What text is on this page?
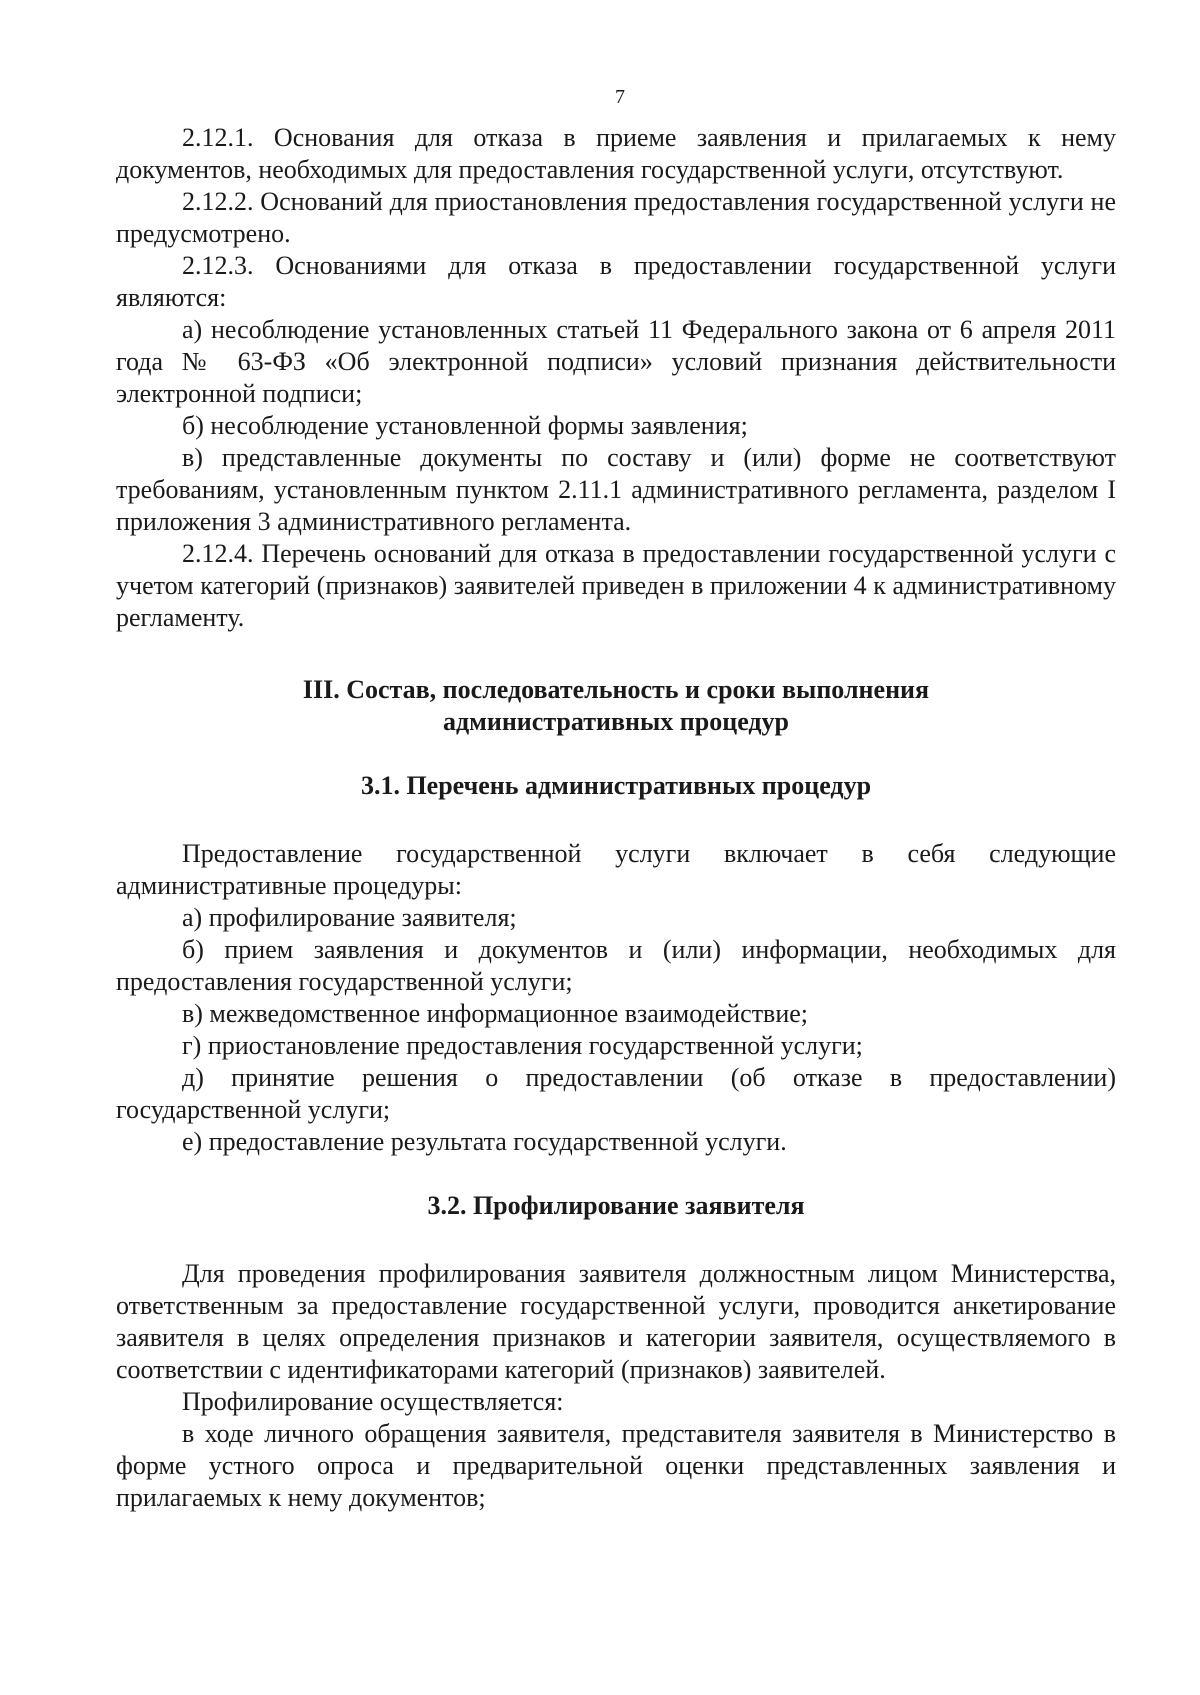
7

2.12.1. Основания для отказа в приеме заявления и прилагаемых к нему документов, необходимых для предоставления государственной услуги, отсутствуют.

2.12.2. Оснований для приостановления предоставления государственной услуги не предусмотрено.

2.12.3. Основаниями для отказа в предоставлении государственной услуги являются:

а) несоблюдение установленных статьей 11 Федерального закона от 6 апреля 2011 года № 63-ФЗ «Об электронной подписи» условий признания действительности электронной подписи;

б) несоблюдение установленной формы заявления;

в) представленные документы по составу и (или) форме не соответствуют требованиям, установленным пунктом 2.11.1 административного регламента, разделом I приложения 3 административного регламента.

2.12.4. Перечень оснований для отказа в предоставлении государственной услуги с учетом категорий (признаков) заявителей приведен в приложении 4 к административному регламенту.

III. Состав, последовательность и сроки выполнения
административных процедур
3.1. Перечень административных процедур

Предоставление государственной услуги включает в себя следующие административные процедуры:

а) профилирование заявителя;

б) прием заявления и документов и (или) информации, необходимых для предоставления государственной услуги;

в) межведомственное информационное взаимодействие;

г) приостановление предоставления государственной услуги;

д) принятие решения о предоставлении (об отказе в предоставлении) государственной услуги;

е) предоставление результата государственной услуги.

3.2. Профилирование заявителя

Для проведения профилирования заявителя должностным лицом Министерства, ответственным за предоставление государственной услуги, проводится анкетирование заявителя в целях определения признаков и категории заявителя, осуществляемого в соответствии с идентификаторами категорий (признаков) заявителей.

Профилирование осуществляется:

в ходе личного обращения заявителя, представителя заявителя в Министерство в форме устного опроса и предварительной оценки представленных заявления и прилагаемых к нему документов;
